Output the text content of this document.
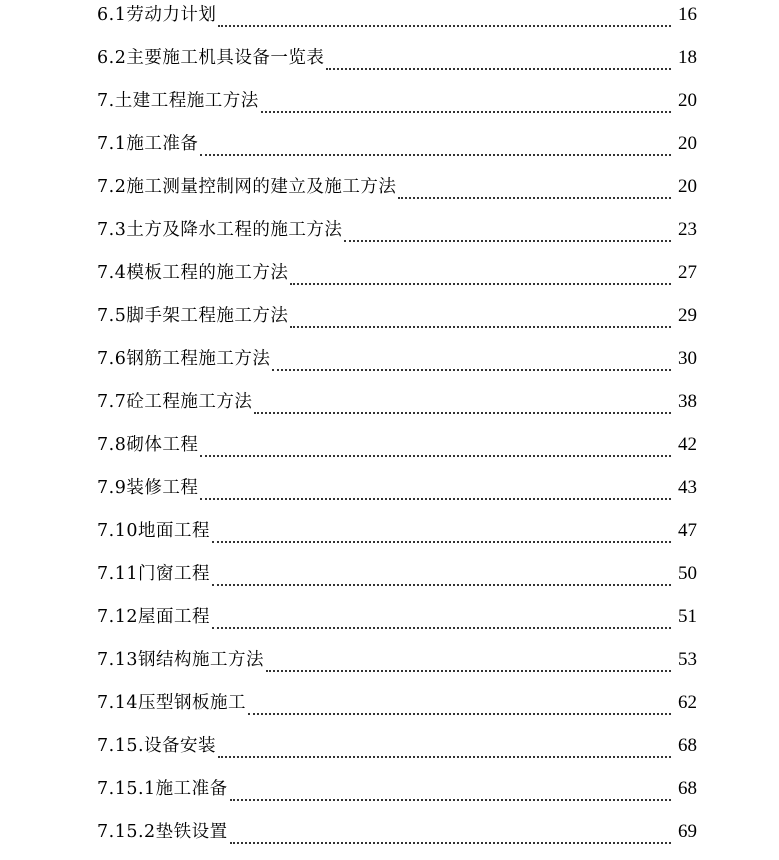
6.1劳动力计划	16
6.2主要施工机具设备一览表	18
7.土建工程施工方法	20
7.1施工准备	20
7.2施工测量控制网的建立及施工方法	20
7.3土方及降水工程的施工方法	23
7.4模板工程的施工方法	27
7.5脚手架工程施工方法	29
7.6钢筋工程施工方法	30
7.7砼工程施工方法	38
7.8砌体工程	42
7.9装修工程	43
7.10地面工程	47
7.11门窗工程	50
7.12屋面工程	51
7.13钢结构施工方法	53
7.14压型钢板施工	62
7.15.设备安装	68
7.15.1施工准备	68
7.15.2垫铁设置	69
